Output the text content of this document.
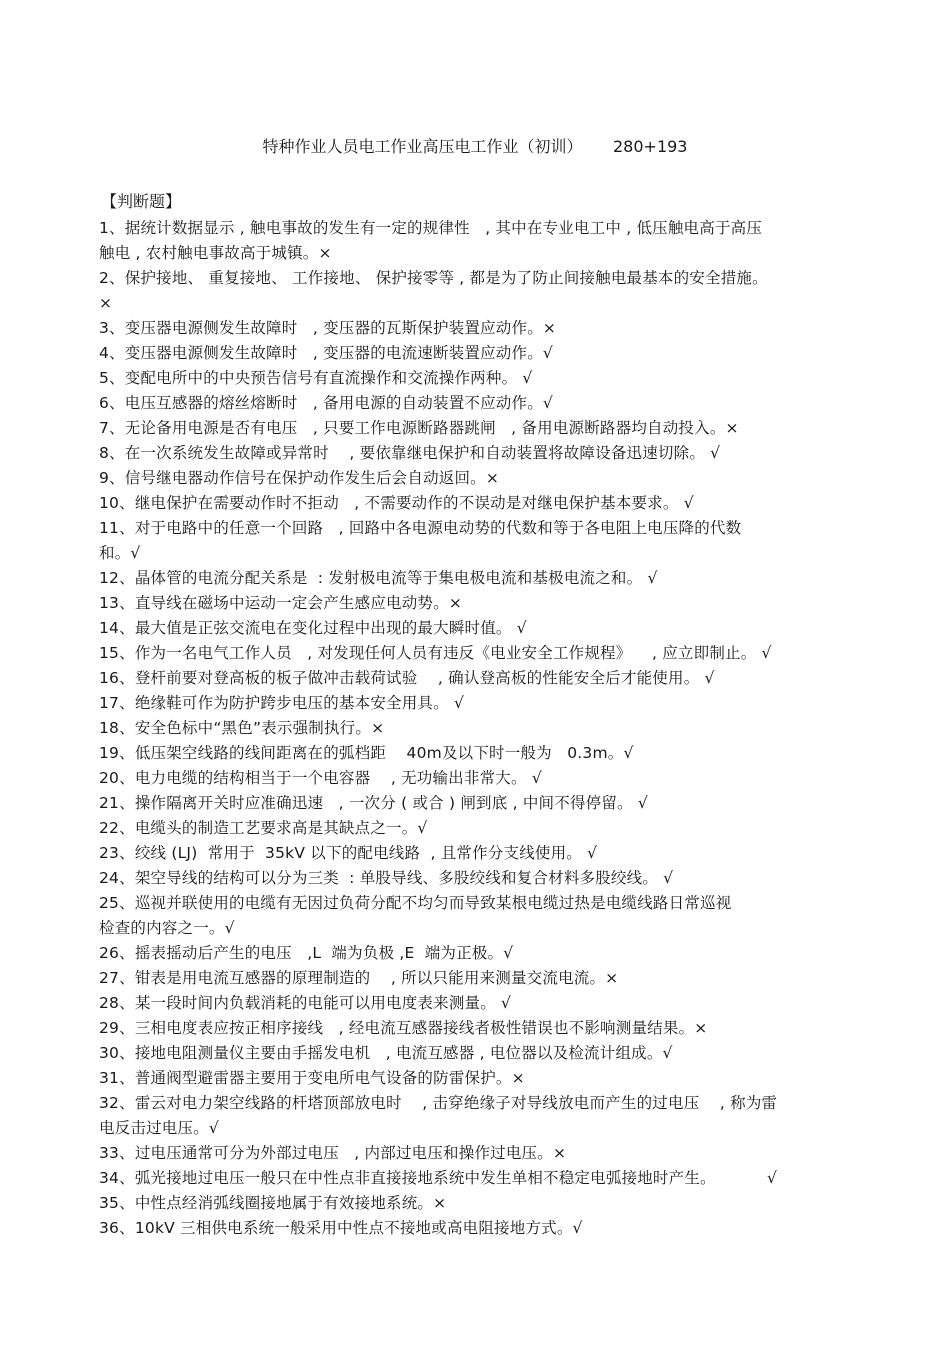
特种作业人员电工作业高压电工作业（初训）      280+193
【判断题】
1、据统计数据显示 , 触电事故的发生有一定的规律性   , 其中在专业电工中 , 低压触电高于高压
触电 , 农村触电事故高于城镇。×
2、保护接地、 重复接地、 工作接地、 保护接零等 , 都是为了防止间接触电最基本的安全措施。
×
3、变压器电源侧发生故障时   , 变压器的瓦斯保护装置应动作。×
4、变压器电源侧发生故障时   , 变压器的电流速断装置应动作。√
5、变配电所中的中央预告信号有直流操作和交流操作两种。 √
6、电压互感器的熔丝熔断时   , 备用电源的自动装置不应动作。√
7、无论备用电源是否有电压   , 只要工作电源断路器跳闸   , 备用电源断路器均自动投入。×
8、在一次系统发生故障或异常时    , 要依靠继电保护和自动装置将故障设备迅速切除。 √
9、信号继电器动作信号在保护动作发生后会自动返回。×
10、继电保护在需要动作时不拒动   , 不需要动作的不误动是对继电保护基本要求。 √
11、对于电路中的任意一个回路   , 回路中各电源电动势的代数和等于各电阻上电压降的代数
和。√
12、晶体管的电流分配关系是  : 发射极电流等于集电极电流和基极电流之和。 √
13、直导线在磁场中运动一定会产生感应电动势。×
14、最大值是正弦交流电在变化过程中出现的最大瞬时值。 √
15、作为一名电气工作人员   , 对发现任何人员有违反《电业安全工作规程》    , 应立即制止。 √
16、登杆前要对登高板的板子做冲击载荷试验    , 确认登高板的性能安全后才能使用。 √
17、绝缘鞋可作为防护跨步电压的基本安全用具。 √
18、安全色标中“黑色”表示强制执行。×
19、低压架空线路的线间距离在的弧档距    40m及以下时一般为   0.3m。√
20、电力电缆的结构相当于一个电容器    , 无功输出非常大。 √
21、操作隔离开关时应准确迅速   , 一次分 ( 或合 ) 闸到底 , 中间不得停留。 √
22、电缆头的制造工艺要求高是其缺点之一。√
23、绞线 (LJ)  常用于  35kV 以下的配电线路  , 且常作分支线使用。 √
24、架空导线的结构可以分为三类  : 单股导线、多股绞线和复合材料多股绞线。 √
25、巡视并联使用的电缆有无因过负荷分配不均匀而导致某根电缆过热是电缆线路日常巡视
检查的内容之一。√
26、摇表摇动后产生的电压   ,L  端为负极 ,E  端为正极。√
27、钳表是用电流互感器的原理制造的    , 所以只能用来测量交流电流。×
28、某一段时间内负载消耗的电能可以用电度表来测量。 √
29、三相电度表应按正相序接线   , 经电流互感器接线者极性错误也不影响测量结果。×
30、接地电阻测量仪主要由手摇发电机   , 电流互感器 , 电位器以及检流计组成。√
31、普通阀型避雷器主要用于变电所电气设备的防雷保护。×
32、雷云对电力架空线路的杆塔顶部放电时    , 击穿绝缘子对导线放电而产生的过电压    , 称为雷
电反击过电压。√
33、过电压通常可分为外部过电压   , 内部过电压和操作过电压。×
34、弧光接地过电压一般只在中性点非直接接地系统中发生单相不稳定电弧接地时产生。          √
35、中性点经消弧线圈接地属于有效接地系统。×
36、10kV 三相供电系统一般采用中性点不接地或高电阻接地方式。√
